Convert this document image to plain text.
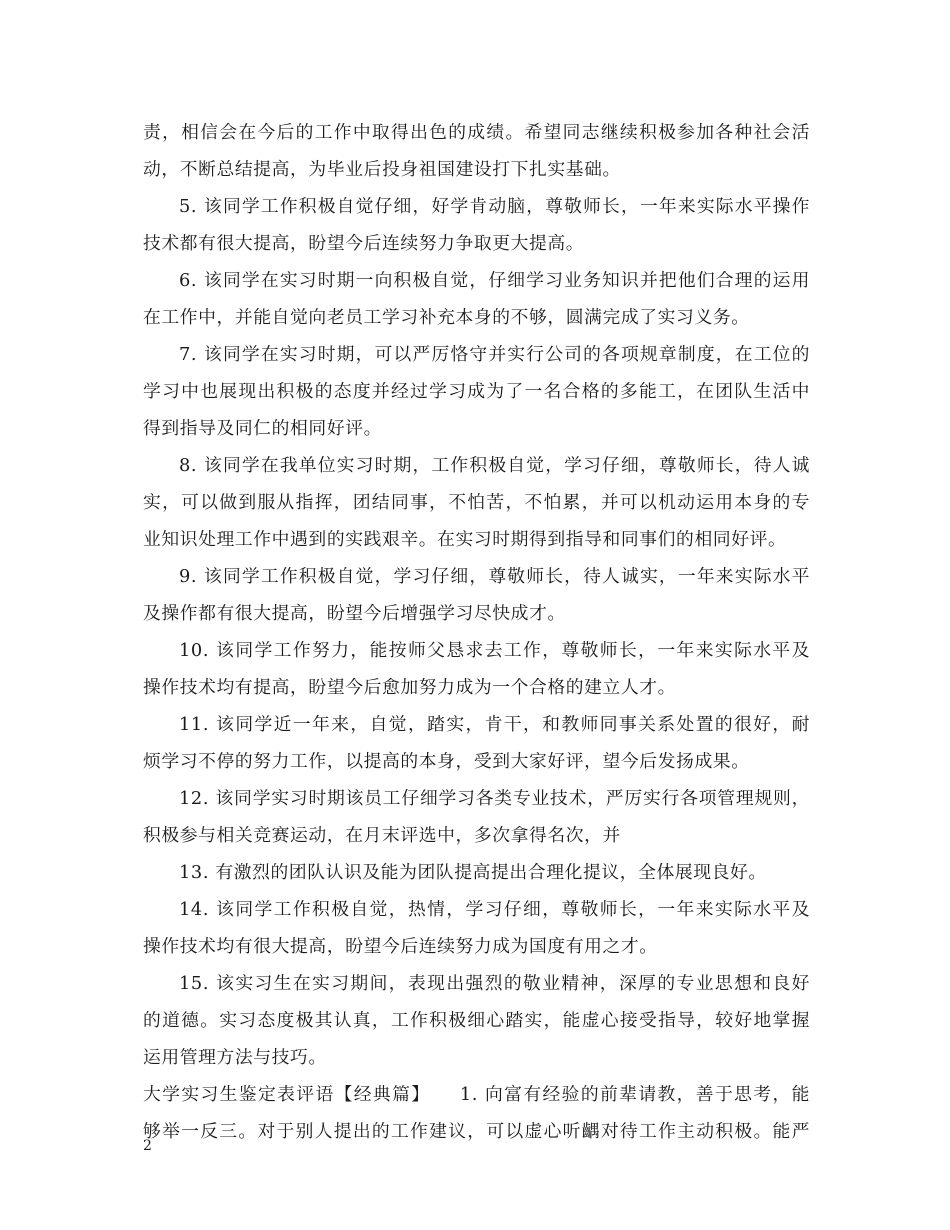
责，相信会在今后的工作中取得出色的成绩。希望同志继续积极参加各种社会活
动，不断总结提高，为毕业后投身祖国建设打下扎实基础。
5. 该同学工作积极自觉仔细，好学肯动脑，尊敬师长，一年来实际水平操作
技术都有很大提高，盼望今后连续努力争取更大提高。
6. 该同学在实习时期一向积极自觉，仔细学习业务知识并把他们合理的运用
在工作中，并能自觉向老员工学习补充本身的不够，圆满完成了实习义务。
7. 该同学在实习时期，可以严厉恪守并实行公司的各项规章制度，在工位的
学习中也展现出积极的态度并经过学习成为了一名合格的多能工，在团队生活中
得到指导及同仁的相同好评。
8. 该同学在我单位实习时期，工作积极自觉，学习仔细，尊敬师长，待人诚
实，可以做到服从指挥，团结同事，不怕苦，不怕累，并可以机动运用本身的专
业知识处理工作中遇到的实践艰辛。在实习时期得到指导和同事们的相同好评。
9. 该同学工作积极自觉，学习仔细，尊敬师长，待人诚实，一年来实际水平
及操作都有很大提高，盼望今后增强学习尽快成才。
10. 该同学工作努力，能按师父恳求去工作，尊敬师长，一年来实际水平及
操作技术均有提高，盼望今后愈加努力成为一个合格的建立人才。
11. 该同学近一年来，自觉，踏实，肯干，和教师同事关系处置的很好，耐
烦学习不停的努力工作，以提高的本身，受到大家好评，望今后发扬成果。
12. 该同学实习时期该员工仔细学习各类专业技术，严厉实行各项管理规则，
积极参与相关竞赛运动，在月末评选中，多次拿得名次，并
13. 有激烈的团队认识及能为团队提高提出合理化提议，全体展现良好。
14. 该同学工作积极自觉，热情，学习仔细，尊敬师长，一年来实际水平及
操作技术均有很大提高，盼望今后连续努力成为国度有用之才。
15. 该实习生在实习期间，表现出强烈的敬业精神，深厚的专业思想和良好
的道德。实习态度极其认真，工作积极细心踏实，能虚心接受指导，较好地掌握
运用管理方法与技巧。
大学实习生鉴定表评语【经典篇】　　1. 向富有经验的前辈请教，善于思考，能
够举一反三。对于别人提出的工作建议，可以虚心听齵对待工作主动积极。能严
2
